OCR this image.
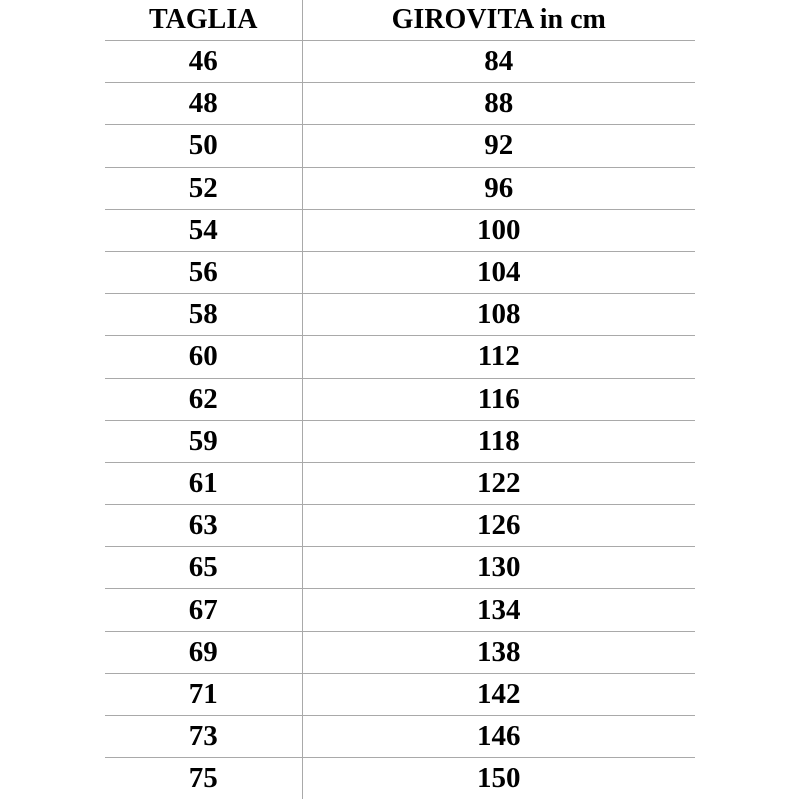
TAGLIA	GIROVITA in cm
46	84
48	88
50	92
52	96
54	100
56	104
58	108
60	112
62	116
59	118
61	122
63	126
65	130
67	134
69	138
71	142
73	146
75	150
